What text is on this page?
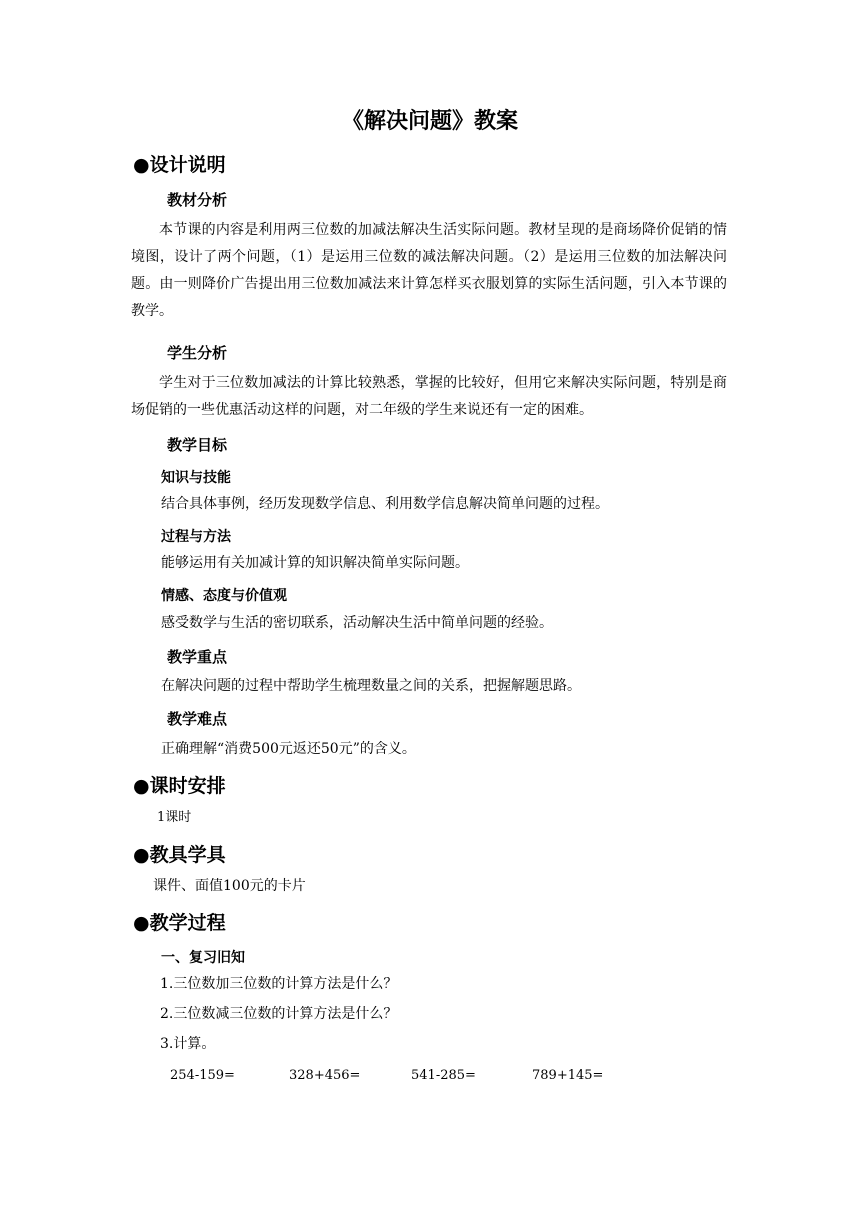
《解决问题》教案
●设计说明
教材分析
本节课的内容是利用两三位数的加减法解决生活实际问题。教材呈现的是商场降价促销的情境图，设计了两个问题，（1）是运用三位数的减法解决问题。（2）是运用三位数的加法解决问题。由一则降价广告提出用三位数加减法来计算怎样买衣服划算的实际生活问题，引入本节课的教学。
学生分析
学生对于三位数加减法的计算比较熟悉，掌握的比较好，但用它来解决实际问题，特别是商场促销的一些优惠活动这样的问题，对二年级的学生来说还有一定的困难。
教学目标
知识与技能
结合具体事例，经历发现数学信息、利用数学信息解决简单问题的过程。
过程与方法
能够运用有关加减计算的知识解决简单实际问题。
情感、态度与价值观
感受数学与生活的密切联系，活动解决生活中简单问题的经验。
教学重点
在解决问题的过程中帮助学生梳理数量之间的关系，把握解题思路。
教学难点
正确理解“消费500元返还50元”的含义。
●课时安排
1课时
●教具学具
课件、面值100元的卡片
●教学过程
一、复习旧知
1.三位数加三位数的计算方法是什么？
2.三位数减三位数的计算方法是什么？
3.计算。
254-159=	328+456=	541-285=	789+145=
